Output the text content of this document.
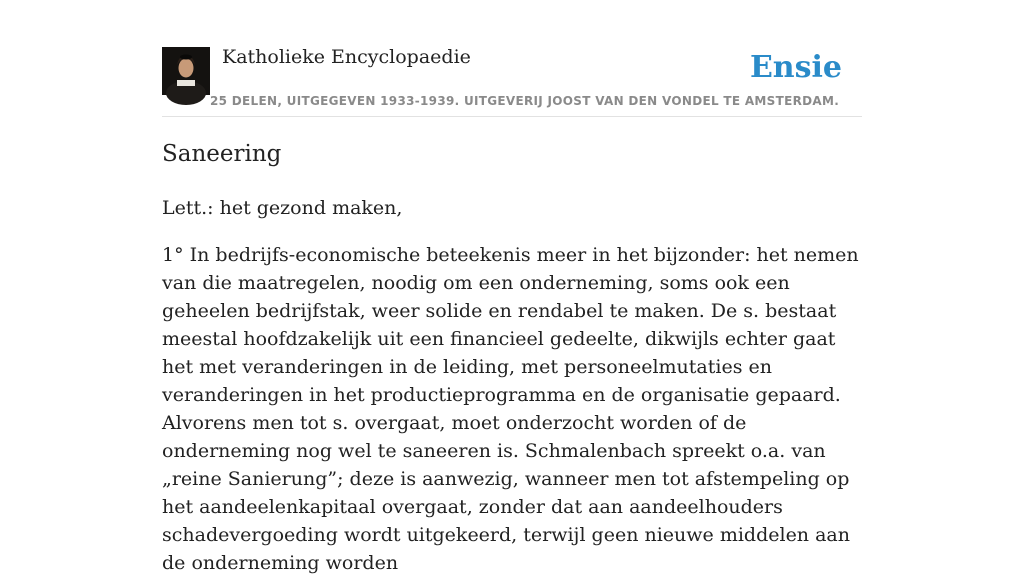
Katholieke Encyclopaedie
25 DELEN, UITGEGEVEN 1933-1939. UITGEVERIJ JOOST VAN DEN VONDEL TE AMSTERDAM.
Ensie
Saneering

Lett.: het gezond maken,

1° In bedrijfs-economische beteekenis meer in het bijzonder: het nemen van die maatregelen, noodig om een onderneming, soms ook een geheelen bedrijfstak, weer solide en rendabel te maken. De s. bestaat meestal hoofdzakelijk uit een financieel gedeelte, dikwijls echter gaat het met veranderingen in de leiding, met personeelmutaties en veranderingen in het productieprogramma en de organisatie gepaard. Alvorens men tot s. overgaat, moet onderzocht worden of de onderneming nog wel te saneeren is. Schmalenbach spreekt o.a. van „reine Sanierung”; deze is aanwezig, wanneer men tot afstempeling op het aandeelenkapitaal overgaat, zonder dat aan aandeelhouders schadevergoeding wordt uitgekeerd, terwijl geen nieuwe middelen aan de onderneming worden
